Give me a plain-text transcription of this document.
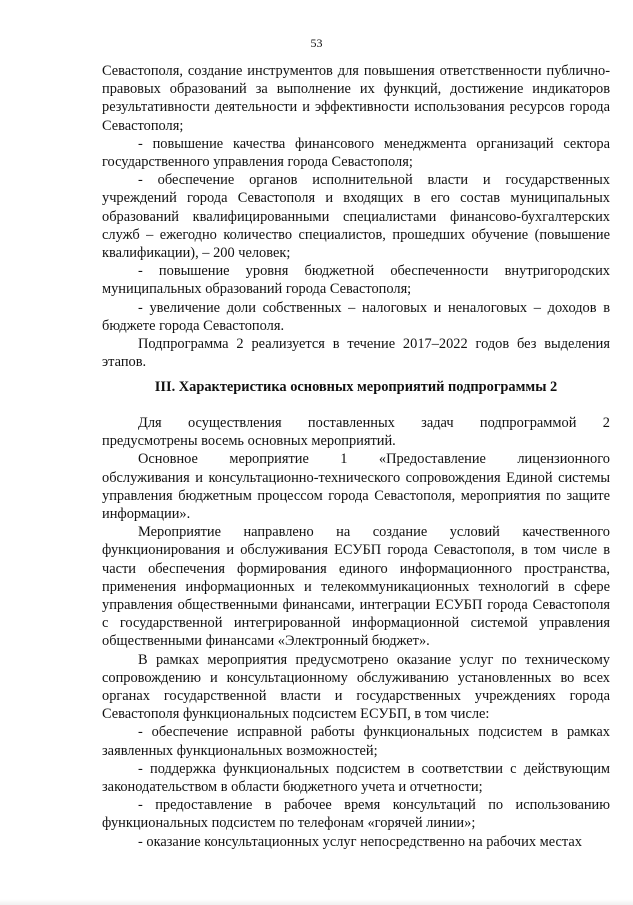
53

Севастополя, создание инструментов для повышения ответственности публично-правовых образований за выполнение их функций, достижение индикаторов результативности деятельности и эффективности использования ресурсов города Севастополя;

- повышение качества финансового менеджмента организаций сектора государственного управления города Севастополя;

- обеспечение органов исполнительной власти и государственных учреждений города Севастополя и входящих в его состав муниципальных образований квалифицированными специалистами финансово-бухгалтерских служб – ежегодно количество специалистов, прошедших обучение (повышение квалификации), – 200 человек;

- повышение уровня бюджетной обеспеченности внутригородских муниципальных образований города Севастополя;

- увеличение доли собственных – налоговых и неналоговых – доходов в бюджете города Севастополя.

Подпрограмма 2 реализуется в течение 2017–2022 годов без выделения этапов.

III. Характеристика основных мероприятий подпрограммы 2
Для осуществления поставленных задач подпрограммой 2

предусмотрены восемь основных мероприятий.

Основное мероприятие 1 «Предоставление лицензионного

обслуживания и консультационно-технического сопровождения Единой системы управления бюджетным процессом города Севастополя, мероприятия по защите информации».

Мероприятие направлено на создание условий качественного функционирования и обслуживания ЕСУБП города Севастополя, в том числе в части обеспечения формирования единого информационного пространства, применения информационных и телекоммуникационных технологий в сфере управления общественными финансами, интеграции ЕСУБП города Севастополя с государственной интегрированной информационной системой управления общественными финансами «Электронный бюджет».

В рамках мероприятия предусмотрено оказание услуг по техническому сопровождению и консультационному обслуживанию установленных во всех органах государственной власти и государственных учреждениях города Севастополя функциональных подсистем ЕСУБП, в том числе:

- обеспечение исправной работы функциональных подсистем в рамках заявленных функциональных возможностей;

- поддержка функциональных подсистем в соответствии с действующим законодательством в области бюджетного учета и отчетности;

- предоставление в рабочее время консультаций по использованию функциональных подсистем по телефонам «горячей линии»;

- оказание консультационных услуг непосредственно на рабочих местах
